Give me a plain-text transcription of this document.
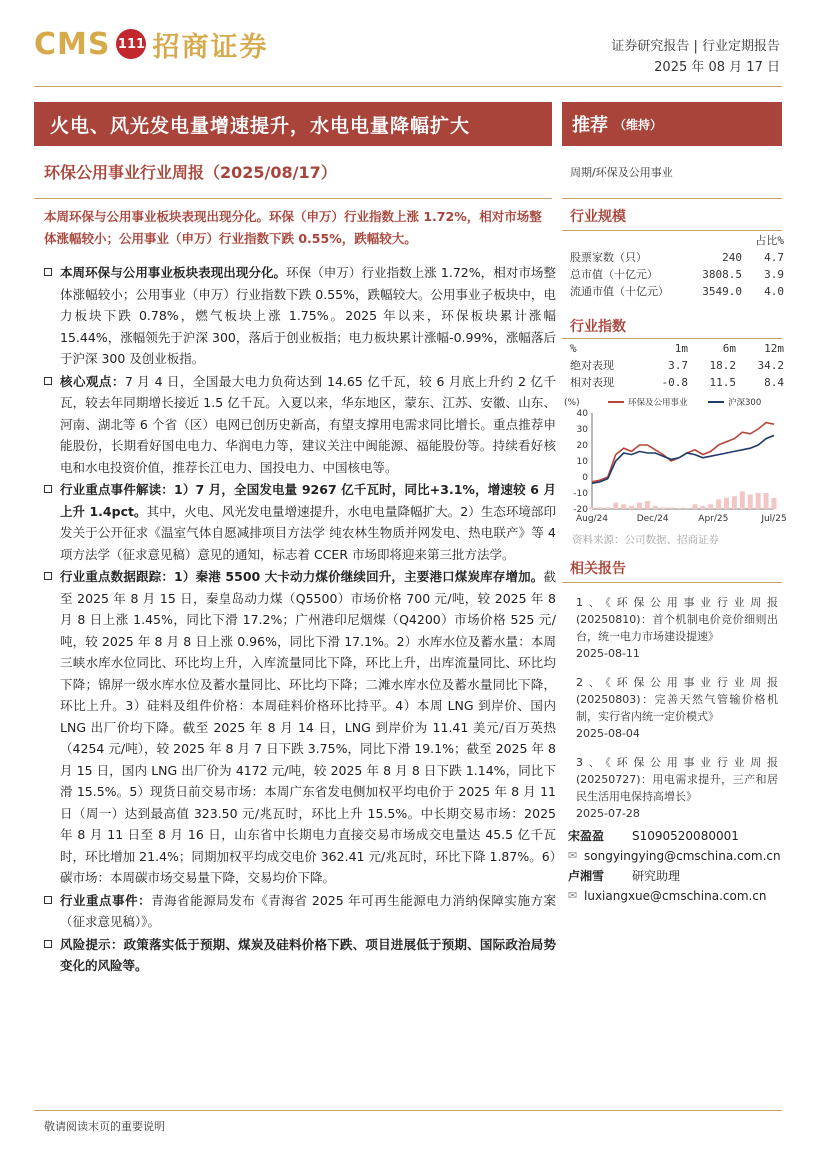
CMS 111 招商证券	证券研究报告 | 行业定期报告
2025 年 08 月 17 日
火电、风光发电量增速提升，水电电量降幅扩大	推荐 （维持）
环保公用事业行业周报（2025/08/17）	周期/环保及公用事业
本周环保与公用事业板块表现出现分化。环保（申万）行业指数上涨 1.72%，相对市场整体涨幅较小；公用事业（申万）行业指数下跌 0.55%，跌幅较大。
本周环保与公用事业板块表现出现分化。环保（申万）行业指数上涨 1.72%，相对市场整体涨幅较小；公用事业（申万）行业指数下跌 0.55%，跌幅较大。公用事业子板块中，电力板块下跌 0.78%，燃气板块上涨 1.75%。2025 年以来，环保板块累计涨幅 15.44%，涨幅领先于沪深 300，落后于创业板指；电力板块累计涨幅-0.99%，涨幅落后于沪深 300 及创业板指。
核心观点：7 月 4 日，全国最大电力负荷达到 14.65 亿千瓦，较 6 月底上升约 2 亿千瓦，较去年同期增长接近 1.5 亿千瓦。入夏以来，华东地区，蒙东、江苏、安徽、山东、河南、湖北等 6 个省（区）电网已创历史新高，有望支撑用电需求同比增长。重点推荐申能股份，长期看好国电电力、华润电力等，建议关注中闽能源、福能股份等。持续看好核电和水电投资价值，推荐长江电力、国投电力、中国核电等。
行业重点事件解读：1）7 月，全国发电量 9267 亿千瓦时，同比+3.1%，增速较 6 月上升 1.4pct。其中，火电、风光发电量增速提升，水电电量降幅扩大。2）生态环境部印发关于公开征求《温室气体自愿减排项目方法学 纯农林生物质并网发电、热电联产》等 4 项方法学（征求意见稿）意见的通知，标志着 CCER 市场即将迎来第三批方法学。
行业重点数据跟踪：1）秦港 5500 大卡动力煤价继续回升，主要港口煤炭库存增加。截至 2025 年 8 月 15 日，秦皇岛动力煤（Q5500）市场价格 700 元/吨，较 2025 年 8 月 8 日上涨 1.45%，同比下滑 17.2%；广州港印尼烟煤（Q4200）市场价格 525 元/吨，较 2025 年 8 月 8 日上涨 0.96%，同比下滑 17.1%。2）水库水位及蓄水量：本周三峡水库水位同比、环比均上升，入库流量同比下降，环比上升，出库流量同比、环比均下降；锦屏一级水库水位及蓄水量同比、环比均下降；二滩水库水位及蓄水量同比下降，环比上升。3）硅料及组件价格：本周硅料价格环比持平。4）本周 LNG 到岸价、国内 LNG 出厂价均下降。截至 2025 年 8 月 14 日，LNG 到岸价为 11.41 美元/百万英热（4254 元/吨），较 2025 年 8 月 7 日下跌 3.75%，同比下滑 19.1%；截至 2025 年 8 月 15 日，国内 LNG 出厂价为 4172 元/吨，较 2025 年 8 月 8 日下跌 1.14%，同比下滑 15.5%。5）现货日前交易市场：本周广东省发电侧加权平均电价于 2025 年 8 月 11 日（周一）达到最高值 323.50 元/兆瓦时，环比上升 15.5%。中长期交易市场：2025 年 8 月 11 日至 8 月 16 日，山东省中长期电力直接交易市场成交电量达 45.5 亿千瓦时，环比增加 21.4%；同期加权平均成交电价 362.41 元/兆瓦时，环比下降 1.87%。6）碳市场：本周碳市场交易量下降，交易均价下降。
行业重点事件：青海省能源局发布《青海省 2025 年可再生能源电力消纳保障实施方案（征求意见稿）》。
风险提示：政策落实低于预期、煤炭及硅料价格下跌、项目进展低于预期、国际政治局势变化的风险等。
行业规模
占比%
股票家数（只）	240	4.7
总市值（十亿元）	3808.5	3.9
流通市值（十亿元）	3549.0	4.0
行业指数
%	1m	6m	12m
绝对表现	3.7	18.2	34.2
相对表现	-0.8	11.5	8.4
(%)	环保及公用事业	沪深300
40
30
20
10
0
-10
-20
Aug/24	Dec/24	Apr/25	Jul/25
资料来源：公司数据、招商证券
相关报告
1、《环保公用事业行业周报(20250810)：首个机制电价竞价细则出台，统一电力市场建设提速》
2025-08-11
2、《环保公用事业行业周报(20250803)：完善天然气管输价格机制，实行省内统一定价模式》
2025-08-04
3、《环保公用事业行业周报(20250727)：用电需求提升，三产和居民生活用电保持高增长》
2025-07-28
宋盈盈	S1090520080001
✉ songyingying@cmschina.com.cn
卢湘雪	研究助理
✉ luxiangxue@cmschina.com.cn
敬请阅读末页的重要说明
